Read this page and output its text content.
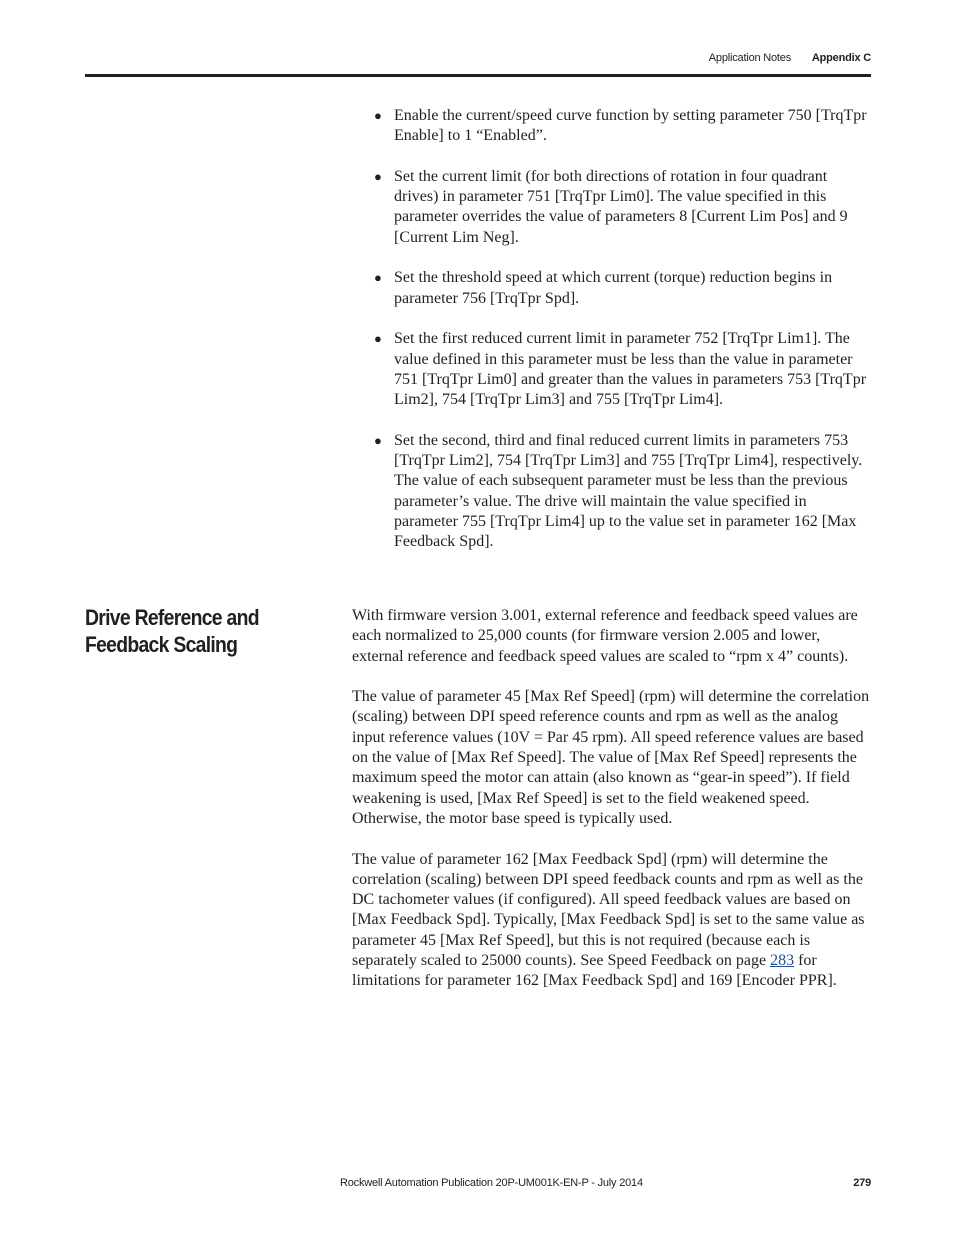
Application Notes Appendix C
● Enable the current/speed curve function by setting parameter 750 [TrqTpr Enable] to 1 “Enabled”.
● Set the current limit (for both directions of rotation in four quadrant drives) in parameter 751 [TrqTpr Lim0]. The value specified in this parameter overrides the value of parameters 8 [Current Lim Pos] and 9 [Current Lim Neg].
● Set the threshold speed at which current (torque) reduction begins in parameter 756 [TrqTpr Spd].
● Set the first reduced current limit in parameter 752 [TrqTpr Lim1]. The value defined in this parameter must be less than the value in parameter 751 [TrqTpr Lim0] and greater than the values in parameters 753 [TrqTpr Lim2], 754 [TrqTpr Lim3] and 755 [TrqTpr Lim4].
● Set the second, third and final reduced current limits in parameters 753 [TrqTpr Lim2], 754 [TrqTpr Lim3] and 755 [TrqTpr Lim4], respectively. The value of each subsequent parameter must be less than the previous parameter’s value. The drive will maintain the value specified in parameter 755 [TrqTpr Lim4] up to the value set in parameter 162 [Max Feedback Spd].
Drive Reference and Feedback Scaling

With firmware version 3.001, external reference and feedback speed values are each normalized to 25,000 counts (for firmware version 2.005 and lower, external reference and feedback speed values are scaled to “rpm x 4” counts).

The value of parameter 45 [Max Ref Speed] (rpm) will determine the correlation (scaling) between DPI speed reference counts and rpm as well as the analog input reference values (10V = Par 45 rpm). All speed reference values are based on the value of [Max Ref Speed]. The value of [Max Ref Speed] represents the maximum speed the motor can attain (also known as “gear-in speed”). If field weakening is used, [Max Ref Speed] is set to the field weakened speed. Otherwise, the motor base speed is typically used.

The value of parameter 162 [Max Feedback Spd] (rpm) will determine the correlation (scaling) between DPI speed feedback counts and rpm as well as the DC tachometer values (if configured). All speed feedback values are based on [Max Feedback Spd]. Typically, [Max Feedback Spd] is set to the same value as parameter 45 [Max Ref Speed], but this is not required (because each is separately scaled to 25000 counts). See Speed Feedback on page 283 for limitations for parameter 162 [Max Feedback Spd] and 169 [Encoder PPR].

Rockwell Automation Publication 20P-UM001K-EN-P - July 2014	279
